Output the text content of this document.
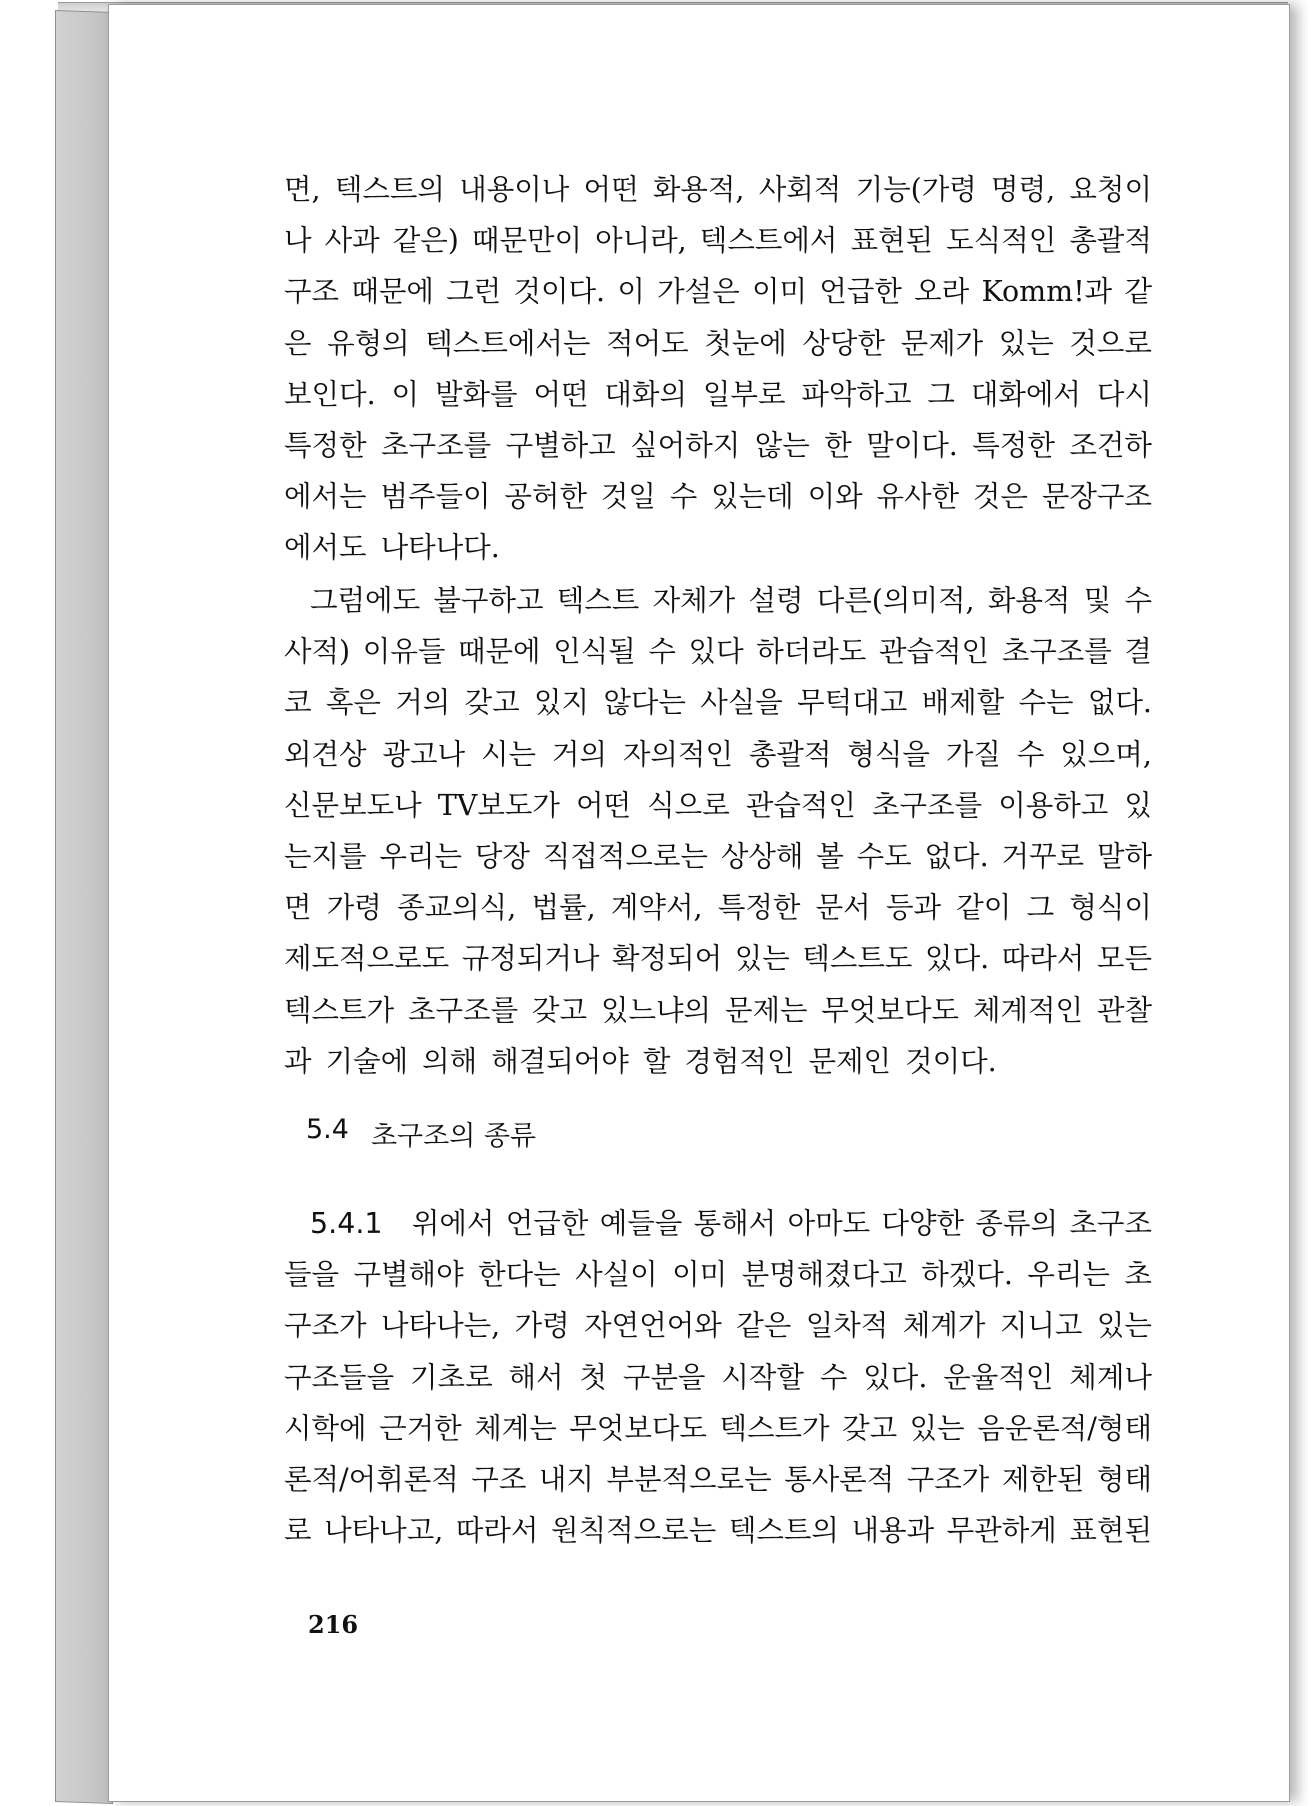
면, 텍스트의 내용이나 어떤 화용적, 사회적 기능(가령 명령, 요청이
나 사과 같은) 때문만이 아니라, 텍스트에서 표현된 도식적인 총괄적
구조 때문에 그런 것이다. 이 가설은 이미 언급한 오라 Komm!과 같
은 유형의 텍스트에서는 적어도 첫눈에 상당한 문제가 있는 것으로
보인다. 이 발화를 어떤 대화의 일부로 파악하고 그 대화에서 다시
특정한 초구조를 구별하고 싶어하지 않는 한 말이다. 특정한 조건하
에서는 범주들이 공허한 것일 수 있는데 이와 유사한 것은 문장구조
에서도 나타나다.
그럼에도 불구하고 텍스트 자체가 설령 다른(의미적, 화용적 및 수
사적) 이유들 때문에 인식될 수 있다 하더라도 관습적인 초구조를 결
코 혹은 거의 갖고 있지 않다는 사실을 무턱대고 배제할 수는 없다.
외견상 광고나 시는 거의 자의적인 총괄적 형식을 가질 수 있으며,
신문보도나 TV보도가 어떤 식으로 관습적인 초구조를 이용하고 있
는지를 우리는 당장 직접적으로는 상상해 볼 수도 없다. 거꾸로 말하
면 가령 종교의식, 법률, 계약서, 특정한 문서 등과 같이 그 형식이
제도적으로도 규정되거나 확정되어 있는 텍스트도 있다. 따라서 모든
텍스트가 초구조를 갖고 있느냐의 문제는 무엇보다도 체계적인 관찰
과 기술에 의해 해결되어야 할 경험적인 문제인 것이다.
5.4 초구조의 종류
5.4.1 위에서 언급한 예들을 통해서 아마도 다양한 종류의 초구조
들을 구별해야 한다는 사실이 이미 분명해졌다고 하겠다. 우리는 초
구조가 나타나는, 가령 자연언어와 같은 일차적 체계가 지니고 있는
구조들을 기초로 해서 첫 구분을 시작할 수 있다. 운율적인 체계나
시학에 근거한 체계는 무엇보다도 텍스트가 갖고 있는 음운론적/형태
론적/어휘론적 구조 내지 부분적으로는 통사론적 구조가 제한된 형태
로 나타나고, 따라서 원칙적으로는 텍스트의 내용과 무관하게 표현된
216
